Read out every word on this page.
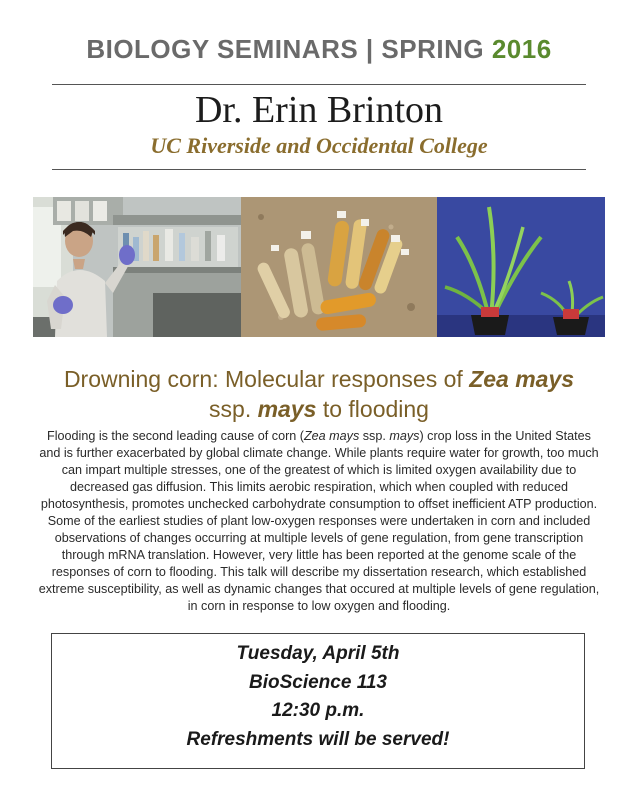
BIOLOGY SEMINARS | SPRING 2016
Dr. Erin Brinton
UC Riverside and Occidental College
Drowning corn: Molecular responses of Zea mays
ssp. mays to flooding
Flooding is the second leading cause of corn (Zea mays ssp. mays) crop loss in the United States and is further exacerbated by global climate change. While plants require water for growth, too much can impart multiple stresses, one of the greatest of which is limited oxygen availability due to decreased gas diffusion. This limits aerobic respiration, which when coupled with reduced photosynthesis, promotes unchecked carbohydrate consumption to offset inefficient ATP production. Some of the earliest studies of plant low-oxygen responses were undertaken in corn and included observations of changes occurring at multiple levels of gene regulation, from gene transcription through mRNA translation. However, very little has been reported at the genome scale of the responses of corn to flooding. This talk will describe my dissertation research, which established extreme susceptibility, as well as dynamic changes that occured at multiple levels of gene regulation, in corn in response to low oxygen and flooding.
Tuesday, April 5th
BioScience 113
12:30 p.m.
Refreshments will be served!
